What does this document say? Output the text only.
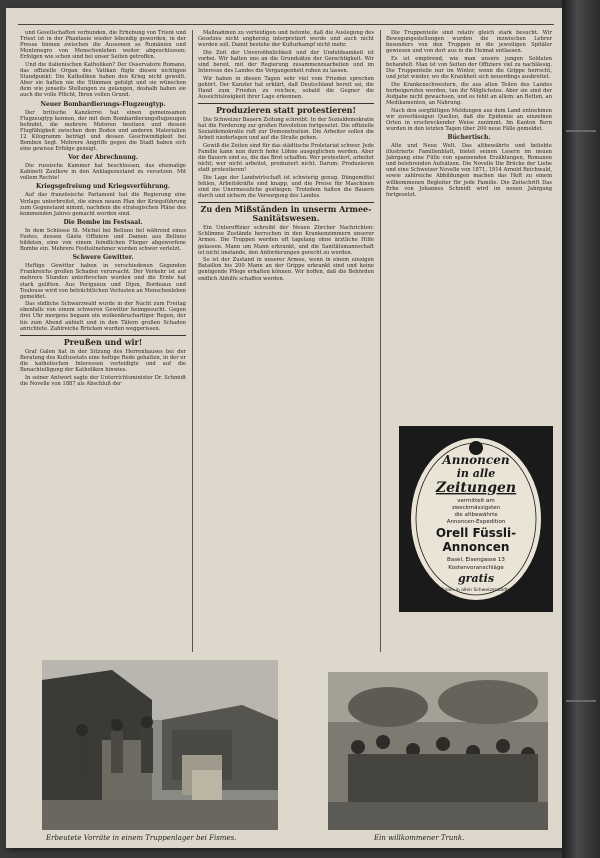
und Gesellschaften verbunden, die Erhebung von Trient und Triest ist in der Phantasie wieder lebendig geworden, in der Presse hinnen zwischen die Aussonen so Rumänien und Montenegro von Menschenleben weiter abgeschlossen; Erfolgen wie schon sind bei unser Seiten getroffen.

Und die italienischen Katholiken? Der Osservatore Romano, das offizielle Organ des Vatikan fügte diesen nichtigen Standpunkt: Die Katholiken haben den Krieg nicht gewollt. Aber sie halten nie die Stimmen gefolgt und sie wünschen dem wie jenseits Stellungen zu gelangen, deshalb haben sie auch die volle Pflicht, Ihren vollen Grund.

Neuer Bombardierungs-Flugzeugtyp.

Der britische Kanzlerrei hat einen gemeinsamen Flugzeugtyp kennen, der mit dem Bombardierungsflugzeugen befindet, die mehrere Motoren besitzen und dessen Flugfähigkeit zwischen dem Boden und anderen Materialien 12 Kilogramm beträgt und dessen Geschwindigkeit bei Bomben liegt. Mehrere Angriffe gegen die Stadt haben sich eine gewisse Erfolge gezeigt.

Vor der Abrechnung.

Die russische Kammer hat beschlossen, das ehemalige Kabinett Zaulkow in den Anklagezustand zu versetzen. Mit vollem Rechte!

Kriegsgefreiung und Kriegsverführung.

Auf das französische Parlament hat die Regierung eine Vorlage unterbreitet, die einen neuen Plan der Kriegsführung zum Gegenstand nimmt, nachdem die strategischen Pläne des kommenden Jahres gemacht worden sind.

Die Bombe im Festsaal.

In dem Schlosse St. Michel bei Belluno fiel während eines Festes, dessen Gäste Offiziere und Damen aus Belluno bildeten, eine von einem feindlichen Flieger abgeworfene Bombe ein. Mehrere Festteilnehmer wurden schwer verletzt.

Schwere Gewitter.

Heftige Gewitter haben in verschiedenen Gegenden Frankreichs großen Schaden verursacht. Der Verkehr ist auf mehrere Stunden unterbrochen worden und die Ernte hat stark gelitten. Aus Perigueux und Dijon, Bordeaux und Toulouse wird von beträchtlichen Verlusten an Menschenleben gemeldet.

Das südliche Schwarzwald wurde in der Nacht zum Freitag ebenfalls von einem schweren Gewitter heimgesucht. Gegen drei Uhr morgens begann ein wolkenbruchartiger Regen, der bis zum Abend anhielt und in den Tälern großen Schaden anrichtete. Zahlreiche Brücken wurden weggerissen.

Preußen und wir!

Graf Galen hat in der Sitzung des Herrenhauses bei der Beratung des Kultusetats eine heftige Rede gehalten, in der er die katholischen Interessen verteidigte und auf die Benachteiligung der Katholiken hinwies.

In seiner Antwort sagte der Unterrichtsminister Dr. Schmidt die Novelle von 1887 als Abschluß der

Maßnahmen zu verteidigen und betonte, daß die Auslegung des Gesetzes nicht engherzig interpretiert werde und auch nicht werden soll. Damit bestehe der Kulturkampf nicht mehr.

Die Zeit der Unversöhnlichkeit und der Unduldsamkeit ist vorbei. Wir halten uns an die Grundsätze der Gerechtigkeit. Wir sind bereit, mit der Regierung zusammenzuarbeiten und im Interesse des Landes die Vergangenheit ruhen zu lassen.

Wir haben in diesen Tagen sehr viel vom Frieden sprechen gehört. Der Kanzler hat erklärt, daß Deutschland bereit sei, die Hand zum Frieden zu reichen, sobald die Gegner die Aussichtslosigkeit ihrer Lage erkennen.

Produzieren statt protestieren!

Die Schweizer Bauern Zeitung schreibt: In der Sozialdemokratie hat die Forderung zur großen Revolution fortgesetzt. Die offizielle Sozialdemokratie ruft zur Demonstration. Die Arbeiter sollen die Arbeit niederlegen und auf die Straße gehen.

Gewiß die Zeiten sind für das städtische Proletariat schwer. Jede Familie kann nun durch hohe Löhne ausgeglichen werden. Aber die Bauern sind es, die das Brot schaffen. Wer protestiert, arbeitet nicht; wer nicht arbeitet, produziert nicht. Darum: Produzieren statt protestieren!

Die Lage der Landwirtschaft ist schwierig genug. Düngemittel fehlen, Arbeitskräfte sind knapp, und die Preise für Maschinen sind ins Unermessliche gestiegen. Trotzdem halten die Bauern durch und sichern die Versorgung des Landes.

Zu den Mißständen in unserm Armee-Sanitätswesen.

Ein Unteroffizier schreibt der Neuen Zürcher Nachrichten: Schlimme Zustände herrschen in den Krankenzimmern unserer Armee. Die Truppen werden oft tagelang ohne ärztliche Hilfe gelassen. Mann um Mann erkrankt, und die Sanitätsmannschaft ist nicht imstande, den Anforderungen gerecht zu werden.

So ist der Zustand in unserer Armee, wenn in einem einzigen Bataillon bis 200 Mann an der Grippe erkrankt sind und keine genügende Pflege erhalten können. Wir hoffen, daß die Behörden endlich Abhilfe schaffen werden.

Die Truppenteile sind relativ gleich stark besucht. Wir Bewegungsstellungen wurden die inzwischen Lehrer besonders von den Truppen in die jeweiligen Spitäler gewiesen und von dort aus in die Heimat entlassen.

Es ist empörend, wie man unsere jungen Soldaten behandelt. Man ist von Seiten der Offiziere viel zu nachlässig. Die Truppenteile nur im Winter, wenn die Grippe herrscht, und jetzt wieder, wo die Krankheit sich neuerdings ausbreitet.

Die Krankenschwestern, die aus allen Teilen des Landes herbeigerufen werden, tun ihr Möglichstes. Aber sie sind der Aufgabe nicht gewachsen, und es fehlt an allem: an Betten, an Medikamenten, an Nahrung.

Nach den sorgfältigen Meldungen aus dem Land entnehmen wir zuverlässigen Quellen, daß die Epidemie an einzelnen Orten in erschreckender Weise zunimmt. Im Kanton Bern wurden in den letzten Tagen über 200 neue Fälle gemeldet.

Büchertisch.

Alte und Neue Welt. Das altbewährte und beliebte illustrierte Familienblatt, bietet seinen Lesern im neuen Jahrgang eine Fülle von spannenden Erzählungen, Romanen und belehrenden Aufsätzen. Die Novelle Die Brücke der Liebe und eine Schweizer Novelle von 1871, 1914 Arnold Reichwald, sowie zahlreiche Abbildungen machen das Heft zu einem willkommenen Begleiter für jede Familie. Die Zeitschrift Das Erbe von Johannes Schmidt wird im neuen Jahrgang fortgesetzt.

Annoncen
in alle
Zeitungen
vermittelt am
zweckmässigsten
die altbewährte
Annoncen-Expedition
Orell Füssli-
Annoncen
Basel, Eisengasse 13
Kostenvoranschläge
gratis
Filialen in allen Schweizerstädten
Erbeutete Vorräte in einem Truppenlager bei Fismes.	Ein willkommener Trunk.
